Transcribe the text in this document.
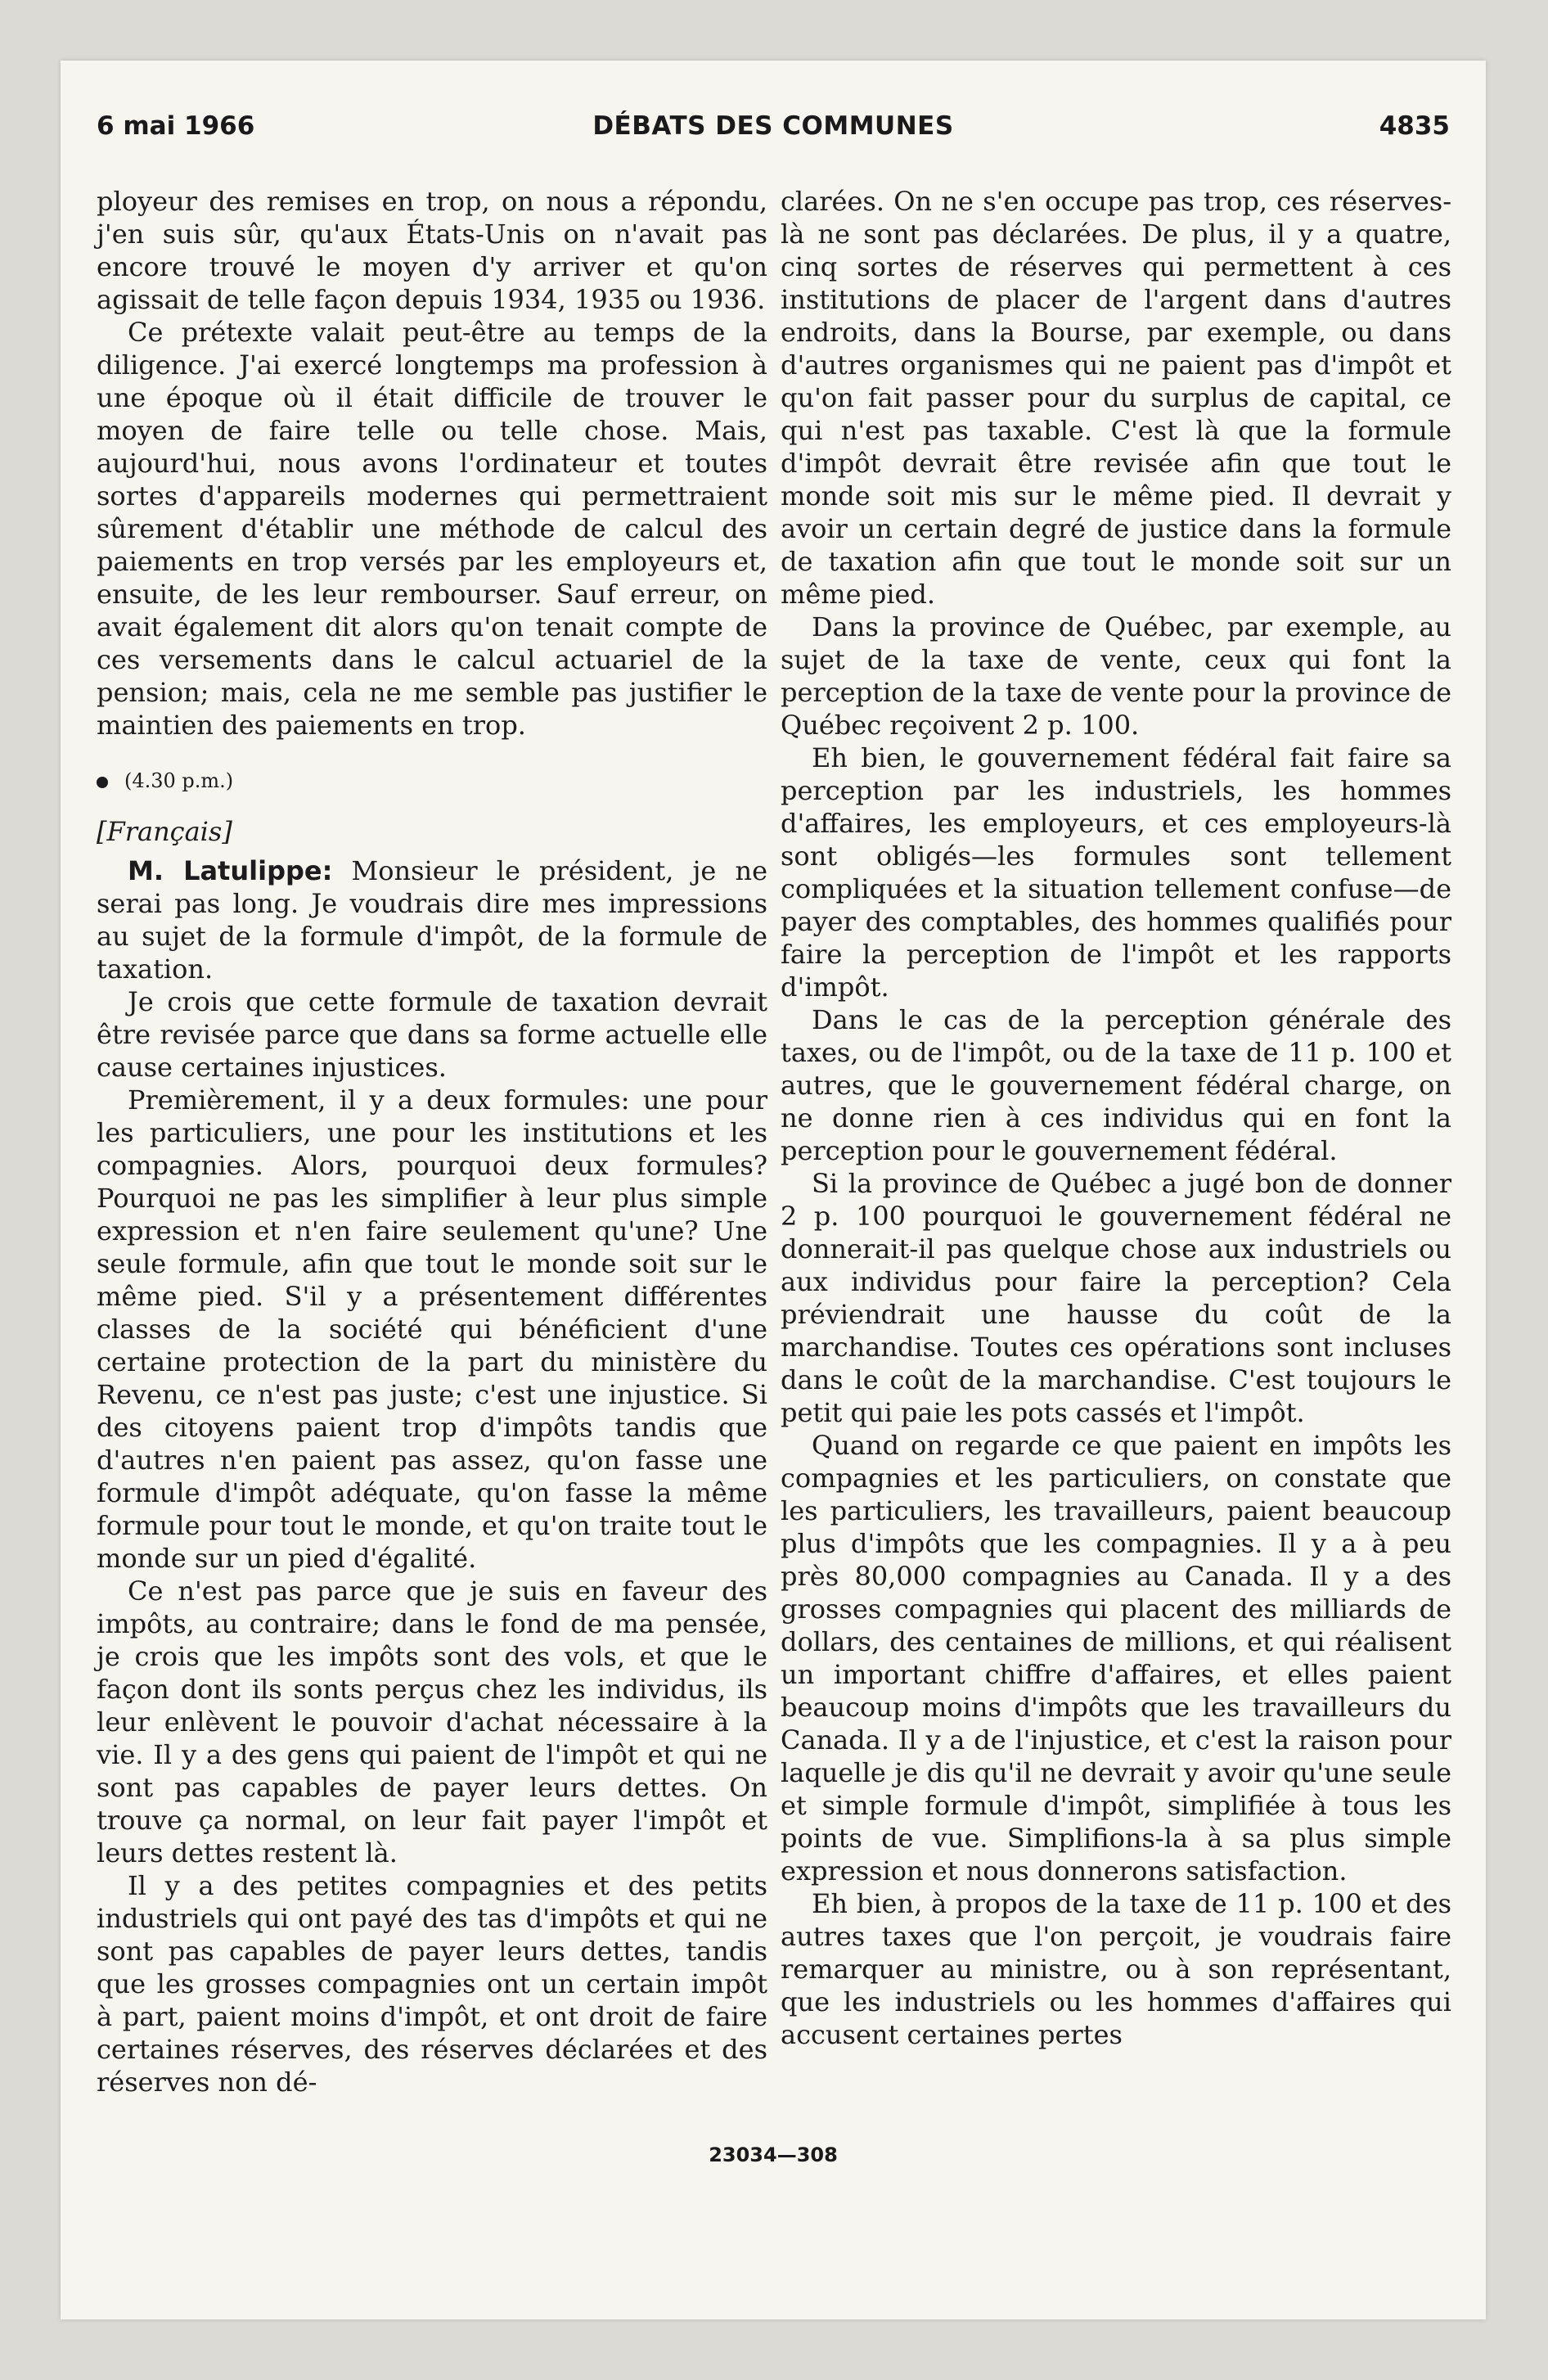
6 mai 1966	DÉBATS DES COMMUNES	4835

ployeur des remises en trop, on nous a répondu, j'en suis sûr, qu'aux États-Unis on n'avait pas encore trouvé le moyen d'y arriver et qu'on agissait de telle façon depuis 1934, 1935 ou 1936.

Ce prétexte valait peut-être au temps de la diligence. J'ai exercé longtemps ma profession à une époque où il était difficile de trouver le moyen de faire telle ou telle chose. Mais, aujourd'hui, nous avons l'ordinateur et toutes sortes d'appareils modernes qui permettraient sûrement d'établir une méthode de calcul des paiements en trop versés par les employeurs et, ensuite, de les leur rembourser. Sauf erreur, on avait également dit alors qu'on tenait compte de ces versements dans le calcul actuariel de la pension; mais, cela ne me semble pas justifier le maintien des paiements en trop.

(4.30 p.m.)
[Français]

M. Latulippe: Monsieur le président, je ne serai pas long. Je voudrais dire mes impressions au sujet de la formule d'impôt, de la formule de taxation.

Je crois que cette formule de taxation devrait être revisée parce que dans sa forme actuelle elle cause certaines injustices.

Premièrement, il y a deux formules: une pour les particuliers, une pour les institutions et les compagnies. Alors, pourquoi deux formules? Pourquoi ne pas les simplifier à leur plus simple expression et n'en faire seulement qu'une? Une seule formule, afin que tout le monde soit sur le même pied. S'il y a présentement différentes classes de la société qui bénéficient d'une certaine protection de la part du ministère du Revenu, ce n'est pas juste; c'est une injustice. Si des citoyens paient trop d'impôts tandis que d'autres n'en paient pas assez, qu'on fasse une formule d'impôt adéquate, qu'on fasse la même formule pour tout le monde, et qu'on traite tout le monde sur un pied d'égalité.

Ce n'est pas parce que je suis en faveur des impôts, au contraire; dans le fond de ma pensée, je crois que les impôts sont des vols, et que le façon dont ils sonts perçus chez les individus, ils leur enlèvent le pouvoir d'achat nécessaire à la vie. Il y a des gens qui paient de l'impôt et qui ne sont pas capables de payer leurs dettes. On trouve ça normal, on leur fait payer l'impôt et leurs dettes restent là.

Il y a des petites compagnies et des petits industriels qui ont payé des tas d'impôts et qui ne sont pas capables de payer leurs dettes, tandis que les grosses compagnies ont un certain impôt à part, paient moins d'impôt, et ont droit de faire certaines réserves, des réserves déclarées et des réserves non dé-

clarées. On ne s'en occupe pas trop, ces réserves-là ne sont pas déclarées. De plus, il y a quatre, cinq sortes de réserves qui permettent à ces institutions de placer de l'argent dans d'autres endroits, dans la Bourse, par exemple, ou dans d'autres organismes qui ne paient pas d'impôt et qu'on fait passer pour du surplus de capital, ce qui n'est pas taxable. C'est là que la formule d'impôt devrait être revisée afin que tout le monde soit mis sur le même pied. Il devrait y avoir un certain degré de justice dans la formule de taxation afin que tout le monde soit sur un même pied.

Dans la province de Québec, par exemple, au sujet de la taxe de vente, ceux qui font la perception de la taxe de vente pour la province de Québec reçoivent 2 p. 100.

Eh bien, le gouvernement fédéral fait faire sa perception par les industriels, les hommes d'affaires, les employeurs, et ces employeurs-là sont obligés—les formules sont tellement compliquées et la situation tellement confuse—de payer des comptables, des hommes qualifiés pour faire la perception de l'impôt et les rapports d'impôt.

Dans le cas de la perception générale des taxes, ou de l'impôt, ou de la taxe de 11 p. 100 et autres, que le gouvernement fédéral charge, on ne donne rien à ces individus qui en font la perception pour le gouvernement fédéral.

Si la province de Québec a jugé bon de donner 2 p. 100 pourquoi le gouvernement fédéral ne donnerait-il pas quelque chose aux industriels ou aux individus pour faire la perception? Cela préviendrait une hausse du coût de la marchandise. Toutes ces opérations sont incluses dans le coût de la marchandise. C'est toujours le petit qui paie les pots cassés et l'impôt.

Quand on regarde ce que paient en impôts les compagnies et les particuliers, on constate que les particuliers, les travailleurs, paient beaucoup plus d'impôts que les compagnies. Il y a à peu près 80,000 compagnies au Canada. Il y a des grosses compagnies qui placent des milliards de dollars, des centaines de millions, et qui réalisent un important chiffre d'affaires, et elles paient beaucoup moins d'impôts que les travailleurs du Canada. Il y a de l'injustice, et c'est la raison pour laquelle je dis qu'il ne devrait y avoir qu'une seule et simple formule d'impôt, simplifiée à tous les points de vue. Simplifions-la à sa plus simple expression et nous donnerons satisfaction.

Eh bien, à propos de la taxe de 11 p. 100 et des autres taxes que l'on perçoit, je voudrais faire remarquer au ministre, ou à son représentant, que les industriels ou les hommes d'affaires qui accusent certaines pertes

23034—308
